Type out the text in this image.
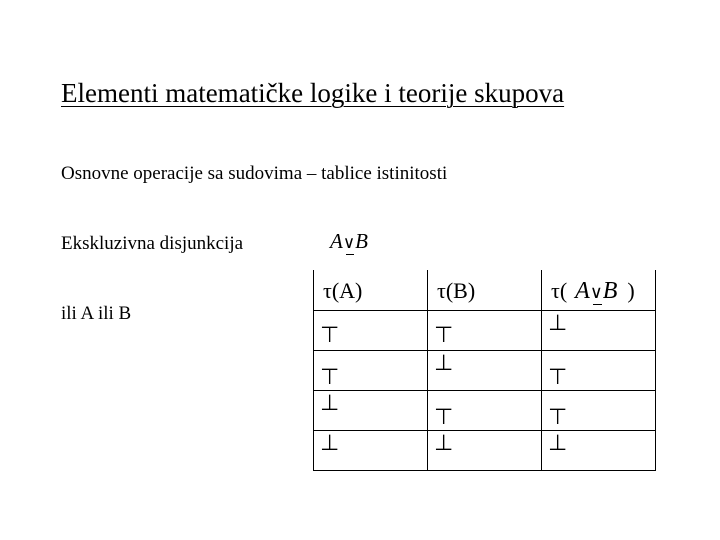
Elementi matematičke logike i teorije skupova
Osnovne operacije sa sudovima – tablice istinitosti
Ekskluzivna disjunkcija
ili A ili B
A∨B
τ(A)	τ(B)	τ( A∨B )

⊤	⊤	⊥

⊤	⊥	⊤

⊥	⊤	⊤

⊥	⊥	⊥
